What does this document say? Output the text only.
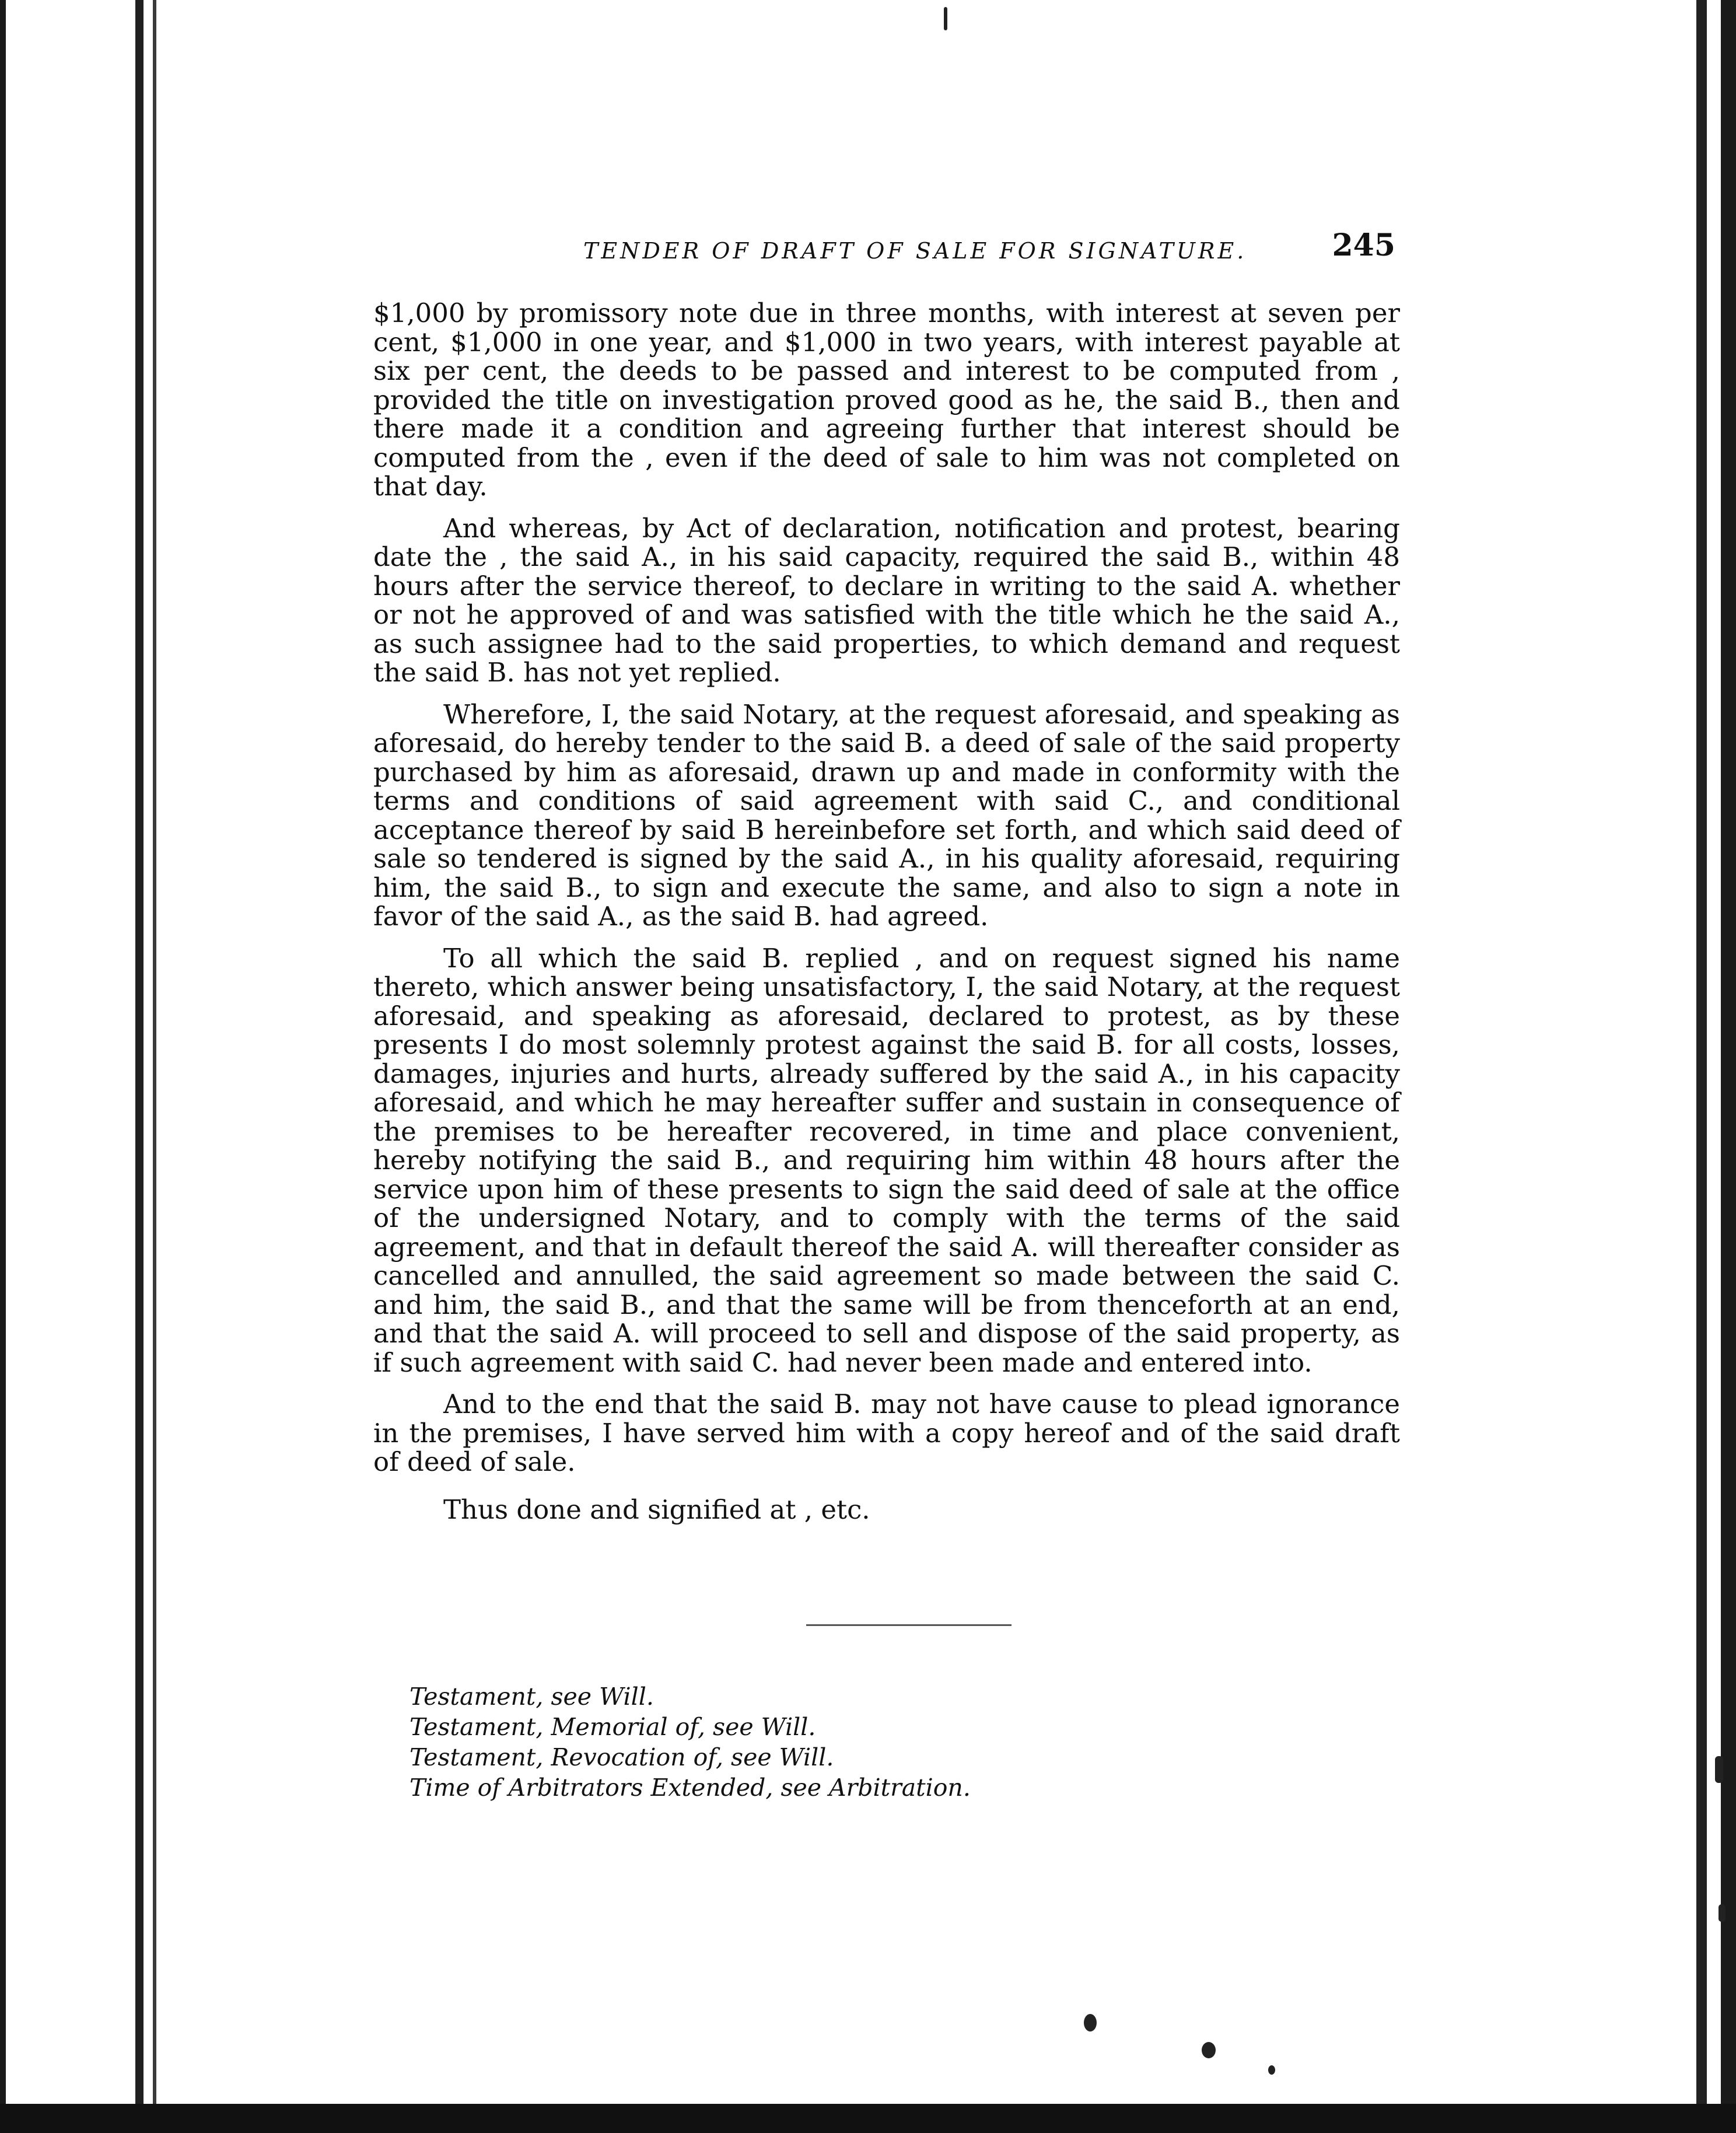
TENDER OF DRAFT OF SALE FOR SIGNATURE.	245

$1,000 by promissory note due in three months, with interest at seven per cent, $1,000 in one year, and $1,000 in two years, with interest payable at six per cent, the deeds to be passed and interest to be computed from , provided the title on investigation proved good as he, the said B., then and there made it a condition and agreeing further that interest should be computed from the , even if the deed of sale to him was not completed on that day.

And whereas, by Act of declaration, notification and protest, bearing date the , the said A., in his said capacity, required the said B., within 48 hours after the service thereof, to declare in writing to the said A. whether or not he approved of and was satisfied with the title which he the said A., as such assignee had to the said properties, to which demand and request the said B. has not yet replied.

Wherefore, I, the said Notary, at the request aforesaid, and speaking as aforesaid, do hereby tender to the said B. a deed of sale of the said property purchased by him as aforesaid, drawn up and made in conformity with the terms and conditions of said agreement with said C., and conditional acceptance thereof by said B hereinbefore set forth, and which said deed of sale so tendered is signed by the said A., in his quality aforesaid, requiring him, the said B., to sign and execute the same, and also to sign a note in favor of the said A., as the said B. had agreed.

To all which the said B. replied , and on request signed his name thereto, which answer being unsatisfactory, I, the said Notary, at the request aforesaid, and speaking as aforesaid, declared to protest, as by these presents I do most solemnly protest against the said B. for all costs, losses, damages, injuries and hurts, already suffered by the said A., in his capacity aforesaid, and which he may hereafter suffer and sustain in consequence of the premises to be hereafter recovered, in time and place convenient, hereby notifying the said B., and requiring him within 48 hours after the service upon him of these presents to sign the said deed of sale at the office of the undersigned Notary, and to comply with the terms of the said agreement, and that in default thereof the said A. will thereafter consider as cancelled and annulled, the said agreement so made between the said C. and him, the said B., and that the same will be from thenceforth at an end, and that the said A. will proceed to sell and dispose of the said property, as if such agreement with said C. had never been made and entered into.

And to the end that the said B. may not have cause to plead ignorance in the premises, I have served him with a copy hereof and of the said draft of deed of sale.

Thus done and signified at , etc.
Testament, see Will.
Testament, Memorial of, see Will.
Testament, Revocation of, see Will.
Time of Arbitrators Extended, see Arbitration.
